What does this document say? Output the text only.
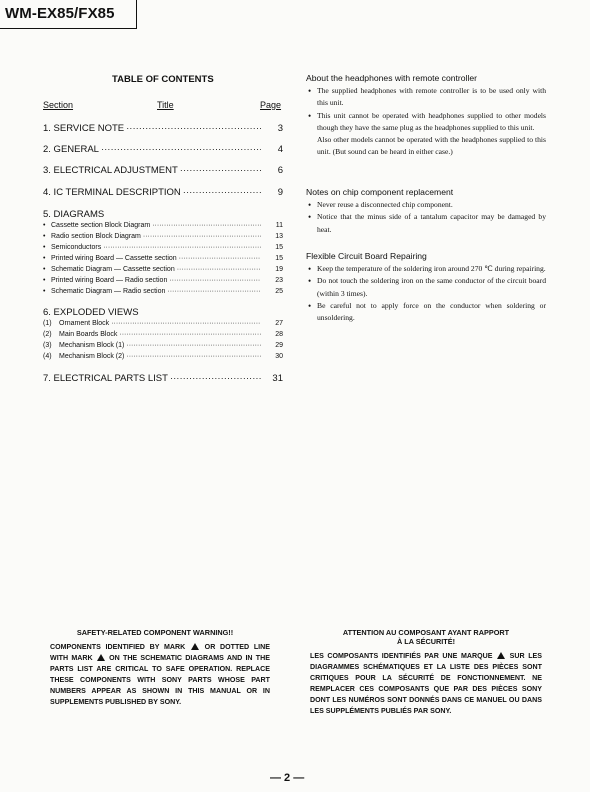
WM-EX85/FX85
TABLE OF CONTENTS
Section	Title	Page
1. SERVICE NOTE ·····	3
2. GENERAL ·····	4
3. ELECTRICAL ADJUSTMENT ·····	6
4. IC TERMINAL DESCRIPTION ·····	9
5. DIAGRAMS
• Cassette section Block Diagram ·····	11
• Radio section Block Diagram ·····	13
• Semiconductors ·····	15
• Printed wiring Board — Cassette section ·····	15
• Schematic Diagram — Cassette section ·····	19
• Printed wiring Board — Radio section ·····	23
• Schematic Diagram — Radio section ·····	25
6. EXPLODED VIEWS
(1)	Ornament Block ·····	27
(2)	Main Boards Block ·····	28
(3)	Mechanism Block (1) ·····	29
(4)	Mechanism Block (2) ·····	30
7. ELECTRICAL PARTS LIST ·····	31
About the headphones with remote controller
• The supplied headphones with remote controller is to be used only with this unit.
• This unit cannot be operated with headphones supplied to other models though they have the same plug as the headphones supplied to this unit.
Also other models cannot be operated with the headphones supplied to this unit. (But sound can be heard in either case.)
Notes on chip component replacement
• Never reuse a disconnected chip component.
• Notice that the minus side of a tantalum capacitor may be damaged by heat.
Flexible Circuit Board Repairing
• Keep the temperature of the soldering iron around 270 ℃ during repairing.
• Do not touch the soldering iron on the same conductor of the circuit board (within 3 times).
• Be careful not to apply force on the conductor when soldering or unsoldering.
SAFETY-RELATED COMPONENT WARNING!!
COMPONENTS IDENTIFIED BY MARK	OR DOTTED LINE WITH MARK ON THE SCHEMATIC DIAGRAMS AND IN THE PARTS LIST ARE CRITICAL TO SAFE OPERATION. REPLACE THESE COMPONENTS WITH SONY PARTS WHOSE PART NUMBERS APPEAR AS SHOWN IN THIS MANUAL OR IN SUPPLEMENTS PUBLISHED BY SONY.
ATTENTION AU COMPOSANT AYANT RAPPORT
À LA SÉCURITÉ!
LES COMPOSANTS IDENTIFIÉS PAR UNE MARQUE SUR LES DIAGRAMMES SCHÉMATIQUES ET LA LISTE DES PIÈCES SONT CRITIQUES POUR LA SÉCURITÉ DE FONCTIONNEMENT. NE REMPLACER CES COMPOSANTS QUE PAR DES PIÈCES SONY DONT LES NUMÉROS SONT DONNÉS DANS CE MANUEL OU DANS LES SUPPLÉMENTS PUBLIÉS PAR SONY.
— 2 —
